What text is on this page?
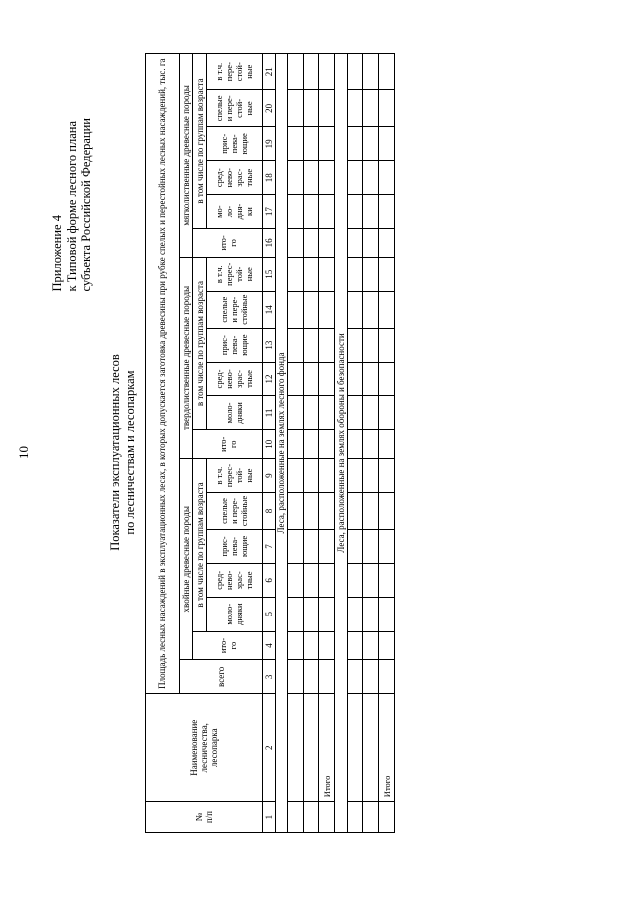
10
Приложение 4 к Типовой форме лесного плана субъекта Российской Федерации
Показатели эксплуатационных лесов по лесничествам и лесопаркам
№ п/п	Наименование лесничества, лесопарка	Площадь лесных насаждений в эксплуатационных лесах, в которых допускается заготовка древесины при рубке спелых и перестойных лесных насаждений, тыс. га																		
		всего	хвойные древесные породы						твердолиственные древесные породы						мягколиственные древесные породы					

			ито- го	в том числе по группам возраста					ито- го	в том числе по группам возраста					ито- го	в том числе по группам возраста				

				моло- дняки	сред- нево- зрас- тные	прис- пева- ющие	спелые и пере- стойные	в т.ч. перес- той- ные		моло- дняки	сред- нево- зрас- тные	прис- пева- ющие	спелые и пере- стойные	в т.ч. перес- той- ные		мо- ло- дня- ки	сред- нево- зрас- тные	прис- пева- ющие	спелые и пере- стой- ные	в т.ч. пере- стой- ные

1	2	3	4	5	6	7	8	9	10	11	12	13	14	15	16	17	18	19	20	21
Леса, расположенные на землях лесного фонда																				

	Итого																			
Леса, расположенные на землях обороны и безопасности																				

	Итого																			
